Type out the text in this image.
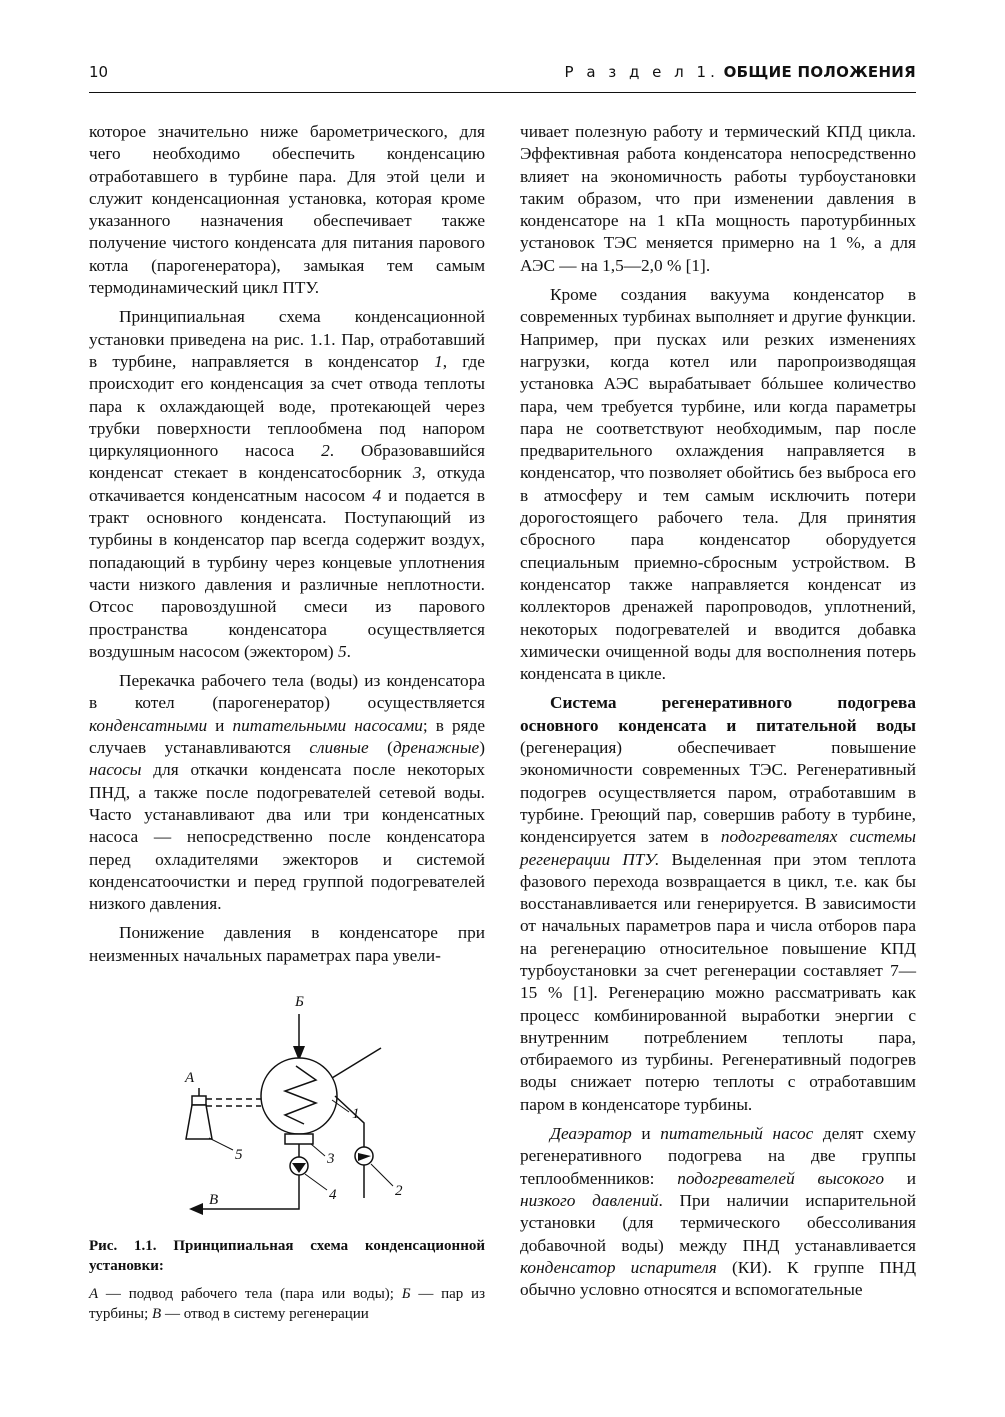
10	Р а з д е л 1. ОБЩИЕ ПОЛОЖЕНИЯ

которое значительно ниже барометрического, для чего необходимо обеспечить конденсацию отработавшего в турбине пара. Для этой цели и служит конденсационная установка, которая кроме указанного назначения обеспечивает также получение чистого конденсата для питания парового котла (парогенератора), замыкая тем самым термодинамический цикл ПТУ.

Принципиальная схема конденсационной установки приведена на рис. 1.1. Пар, отработавший в турбине, направляется в конденсатор 1, где происходит его конденсация за счет отвода теплоты пара к охлаждающей воде, протекающей через трубки поверхности теплообмена под напором циркуляционного насоса 2. Образовавшийся конденсат стекает в конденсатосборник 3, откуда откачивается конденсатным насосом 4 и подается в тракт основного конденсата. Поступающий из турбины в конденсатор пар всегда содержит воздух, попадающий в турбину через концевые уплотнения части низкого давления и различные неплотности. Отсос паровоздушной смеси из парового пространства конденсатора осуществляется воздушным насосом (эжектором) 5.

Перекачка рабочего тела (воды) из конденсатора в котел (парогенератор) осуществляется конденсатными и питательными насосами; в ряде случаев устанавливаются сливные (дренажные) насосы для откачки конденсата после некоторых ПНД, а также после подогревателей сетевой воды. Часто устанавливают два или три конденсатных насоса — непосредственно после конденсатора перед охладителями эжекторов и системой конденсатоочистки и перед группой подогревателей низкого давления.

Понижение давления в конденсаторе при неизменных начальных параметрах пара увели-

А
Б
В
1
2
3
4
5

Рис. 1.1. Принципиальная схема конденсационной установки:

А — подвод рабочего тела (пара или воды); Б — пар из турбины; В — отвод в систему регенерации

чивает полезную работу и термический КПД цикла. Эффективная работа конденсатора непосредственно влияет на экономичность работы турбоустановки таким образом, что при изменении давления в конденсаторе на 1 кПа мощность паротурбинных установок ТЭС меняется примерно на 1 %, а для АЭС — на 1,5—2,0 % [1].

Кроме создания вакуума конденсатор в современных турбинах выполняет и другие функции. Например, при пусках или резких изменениях нагрузки, когда котел или паропроизводящая установка АЭС вырабатывает бóльшее количество пара, чем требуется турбине, или когда параметры пара не соответствуют необходимым, пар после предварительного охлаждения направляется в конденсатор, что позволяет обойтись без выброса его в атмосферу и тем самым исключить потери дорогостоящего рабочего тела. Для принятия сбросного пара конденсатор оборудуется специальным приемно-сбросным устройством. В конденсатор также направляется конденсат из коллекторов дренажей паропроводов, уплотнений, некоторых подогревателей и вводится добавка химически очищенной воды для восполнения потерь конденсата в цикле.

Система регенеративного подогрева основного конденсата и питательной воды (регенерация) обеспечивает повышение экономичности современных ТЭС. Регенеративный подогрев осуществляется паром, отработавшим в турбине. Греющий пар, совершив работу в турбине, конденсируется затем в подогревателях системы регенерации ПТУ. Выделенная при этом теплота фазового перехода возвращается в цикл, т.е. как бы восстанавливается или генерируется. В зависимости от начальных параметров пара и числа отборов пара на регенерацию относительное повышение КПД турбоустановки за счет регенерации составляет 7—15 % [1]. Регенерацию можно рассматривать как процесс комбинированной выработки энергии с внутренним потреблением теплоты пара, отбираемого из турбины. Регенеративный подогрев воды снижает потерю теплоты с отработавшим паром в конденсаторе турбины.

Деаэратор и питательный насос делят схему регенеративного подогрева на две группы теплообменников: подогревателей высокого и низкого давлений. При наличии испарительной установки (для термического обессоливания добавочной воды) между ПНД устанавливается конденсатор испарителя (КИ). К группе ПНД обычно условно относятся и вспомогательные
